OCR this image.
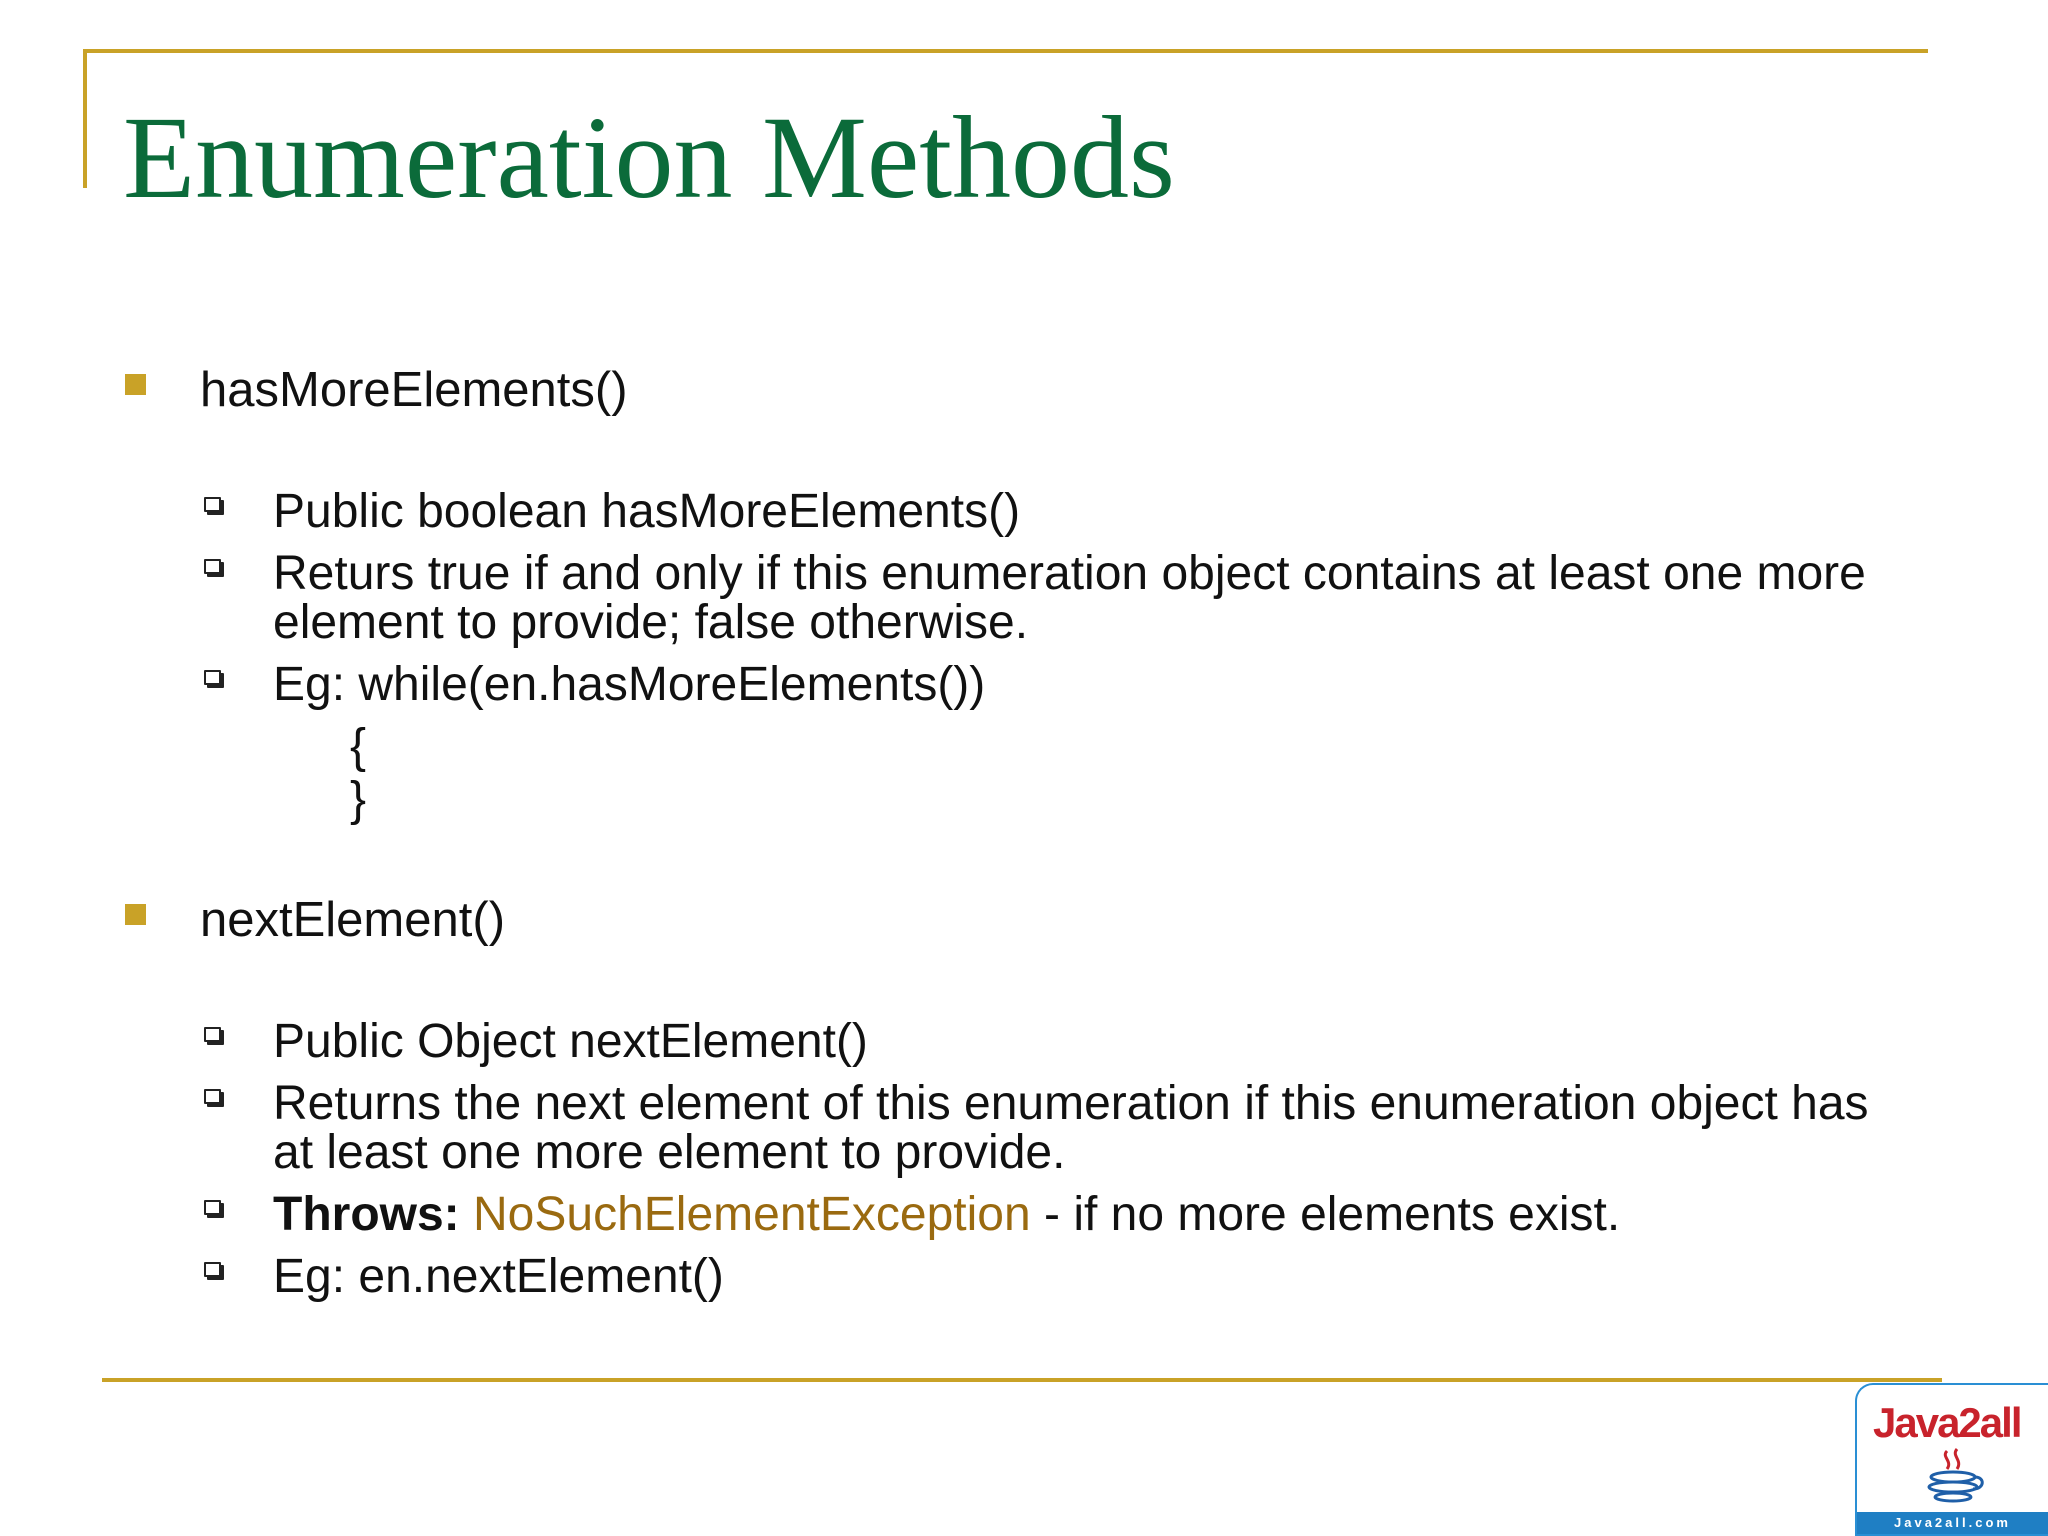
Enumeration Methods
hasMoreElements()
Public boolean hasMoreElements()
Returs true if and only if this enumeration object contains at least one more element to provide; false otherwise.
Eg: while(en.hasMoreElements())
{
}
nextElement()
Public Object nextElement()
Returns the next element of this enumeration if this enumeration object has at least one more element to provide.
Throws: NoSuchElementException - if no more elements exist.
Eg: en.nextElement()
Java2all
Java2all.com
